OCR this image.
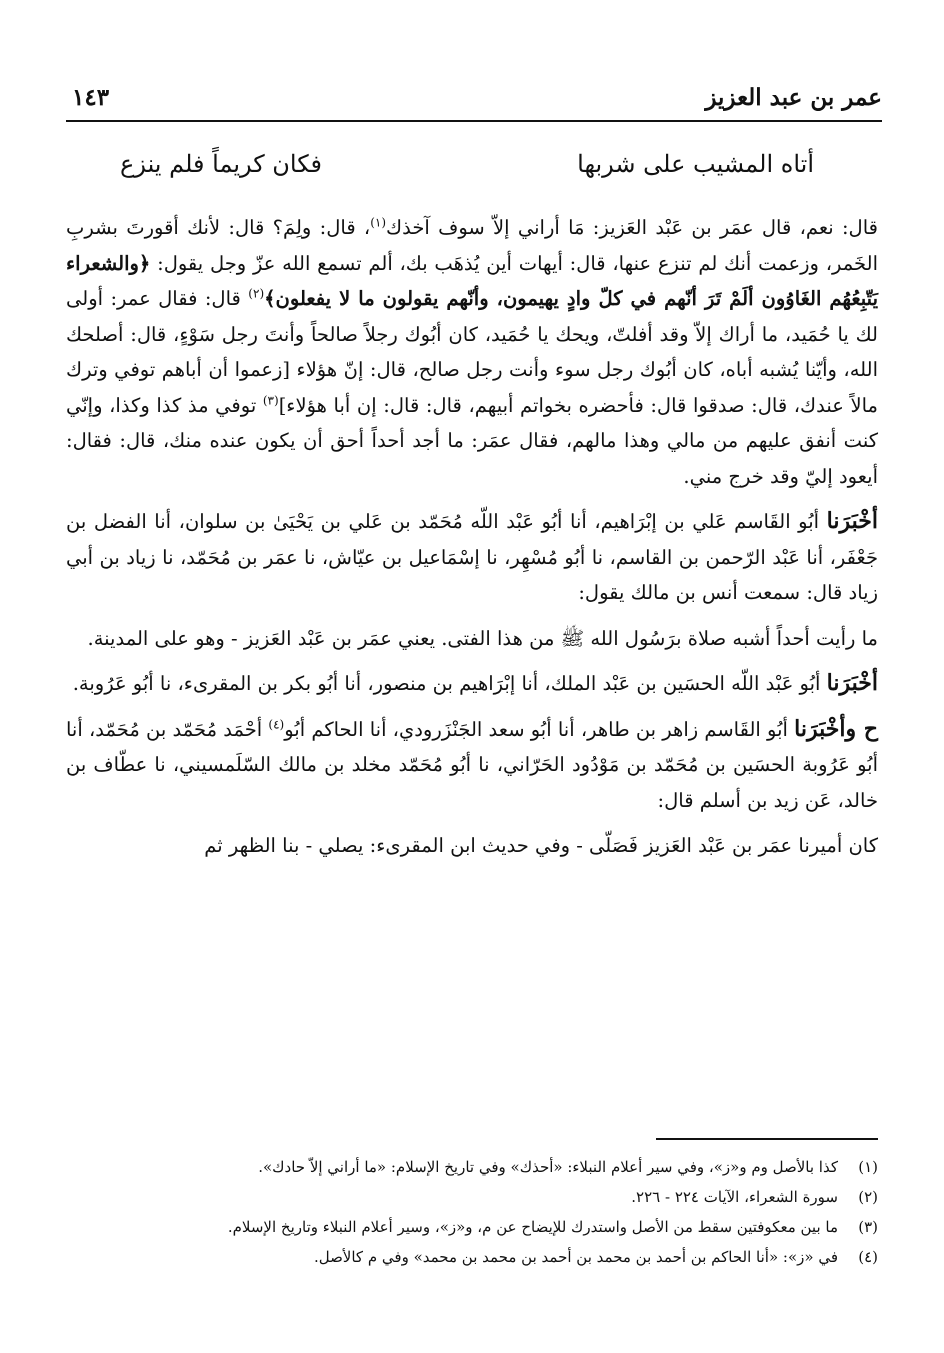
عمر بن عبد العزيز
١٤٣
أتاه المشيب على شربها
فكان كريماً فلم ينزع

قال: نعم، قال عمَر بن عَبْد العَزيز: مَا أراني إلاّ سوف آخذك$^{(١)}$، قال: ولِمَ؟ قال: لأنك أقورتَ بشربِ الخَمر، وزعمت أنك لم تنزع عنها، قال: أيهات أين يُذهَب بك، ألم تسمع الله عزّ وجل يقول: ﴿والشعراء يَتّبِعُهُم الغَاوُون ألَمْ تَرَ أنّهم في كلّ وادٍ يهيمون، وأنّهم يقولون ما لا يفعلون﴾$^{(٢)}$ قال: فقال عمر: أولى لك يا حُمَيد، ما أراك إلاّ وقد أفلتّ، ويحك يا حُمَيد، كان أبُوك رجلاً صالحاً وأنتَ رجل سَوْءٍ، قال: أصلحك الله، وأيّنا يُشبه أباه، كان أبُوك رجل سوء وأنت رجل صالح، قال: إنّ هؤلاء [زعموا أن أباهم توفي وترك مالاً عندك، قال: صدقوا قال: فأحضره بخواتم أبيهم، قال: قال: إن أبا هؤلاء]$^{(٣)}$ توفي مذ كذا وكذا، وإنّي كنت أنفق عليهم من مالي وهذا مالهم، فقال عمَر: ما أجد أحداً أحق أن يكون عنده منك، قال: فقال: أيعود إليّ وقد خرج مني.

أخْبَرَنا أبُو القَاسم عَلي بن إبْرَاهيم، أنا أبُو عَبْد اللّه مُحَمّد بن عَلي بن يَحْيَىٰ بن سلوان، أنا الفضل بن جَعْفَر، أنا عَبْد الرّحمن بن القاسم، نا أبُو مُسْهِر، نا إسْمَاعيل بن عيّاش، نا عمَر بن مُحَمّد، نا زياد بن أبي زياد قال: سمعت أنس بن مالك يقول:

ما رأيت أحداً أشبه صلاة برَسُول الله ﷺ من هذا الفتى. يعني عمَر بن عَبْد العَزيز - وهو على المدينة.

أخْبَرَنا أبُو عَبْد اللّه الحسَين بن عَبْد الملك، أنا إبْرَاهيم بن منصور، أنا أبُو بكر بن المقرىء، نا أبُو عَرُوبة.

ح وأخْبَرَنا أبُو القَاسم زاهر بن طاهر، أنا أبُو سعد الجَنْزَرودي، أنا الحاكم أبُو$^{(٤)}$ أحْمَد مُحَمّد بن مُحَمّد، أنا أبُو عَرُوبة الحسَين بن مُحَمّد بن مَوْدُود الحَرّاني، نا أبُو مُحَمّد مخلد بن مالك السّلَمسيني، نا عطّاف بن خالد، عَن زيد بن أسلم قال:

كان أميرنا عمَر بن عَبْد العَزيز فَصَلّى - وفي حديث ابن المقرىء: يصلي - بنا الظهر ثم

(١)كذا بالأصل وم و«ز»، وفي سير أعلام النبلاء: «أحذك» وفي تاريخ الإسلام: «ما أراني إلاّ حادك».

(٢)سورة الشعراء، الآيات ٢٢٤ - ٢٢٦.

(٣)ما بين معكوفتين سقط من الأصل واستدرك للإيضاح عن م، و«ز»، وسير أعلام النبلاء وتاريخ الإسلام.

(٤)في «ز»: «أنا الحاكم بن أحمد بن محمد بن أحمد بن محمد بن محمد» وفي م كالأصل.
